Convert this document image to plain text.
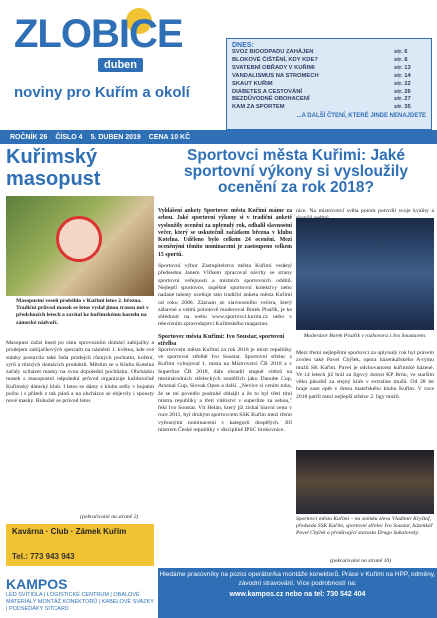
ZLOBICE
duben
noviny pro Kuřím a okolí
DNES:
SVOZ BIOODPADU ZAHÁJEN	str. 6
BLOKOVÉ ČIŠTĚNÍ, KDY KDE?	str. 8
SVATEBNÍ OBŘADY V KUŘIMI	str. 13
VANDALISMUS NA STROMECH	str. 14
SKAUT KUŘIM	str. 22
DIABETES A CESTOVÁNÍ	str. 26
BEZDŮVODNÉ OBOHACENÍ	str. 27
KAM ZA SPORTEM	str. 35
...A DALŠÍ ČTENÍ, KTERÉ JINDE NENAJDETE
ROČNÍK 26 ČÍSLO 4 5. DUBEN 2019 CENA 10 KČ
Kuřimský masopust
Masopustní veselí proběhlo v Kuřimi letos 2. března. Tradiční průvod masek se letos vydal jinou trasou než v předchozích letech a zavítal ke kuřimskému kostelu na zámecké nádvoří.
Masopust začal hned po ránu sprovozním domácí zabijačky a prodejem zabijačkových specialit na náměstí 1. května, kde své stánky postavila také řada prodejců různých pochutin, koření, sýrů a různých domácích produktů. Městim se u Klubu Kotelna začaly sciházet masky na svou dopolední pochůzku. Obcházku masek s masopustní odpolední průvod organizuje každoročně Kuřimský dámský klub. I letos se dámy z klubu sešly v hojném počtu i s přáteli z tak pánů a na obcházce se objevily i spousty nové masky. Bohužel se průvod letos
(pokračování na straně 2)
Kavárna · Club · Zámek Kuřím
Tel.: 773 943 943
Sportovci města Kuřimi: Jaké sportovní výkony si vysloužily ocenění za rok 2018?
Vyhlášení ankety Sportovec města Kuřimi máme za sebou. Jaké sportovní výkony si v tradiční anketě vysloužily ocenění za uplynulý rok, odhalil slavnostní večer, který se uskutečnil začátkem března v klubu Kotelna. Uděleno bylo celkem 24 ocenění. Mezi oceněnými těmito nominacemi je zastoupeno celkem 15 sportů.
Sportovní výbor Zastupitelstva města Kuřimi vedený předsedou Janem Vlčkem zpracoval návrhy se strany sportovní veřejnosti a místních sportovních oddílů. Nejlepší sportovce, úspěšné sportovní kolektivy nebo nadané talenty oceňuje tato tradiční anketa města Kuřimi od roku 2006. Záznam ze slavnostního večera, který zábavné a velmi pohotově moderoval Borek Pisařík, je ke shlédnutí na webu www.sportovci.kurim.cz nebo v televizním zpravodajství Kuřimského magazínu.
Sportovec města Kuřimi: Ivo Soustar, sportovní střelba
Sportovcem města Kuřimi za rok 2018 je mistr republiky ve sportovní střelbě Ivo Soustar. Sportovní střelec z Kuřimi vybojoval 1. místa na Mistrovství ČR 2018 a v Superlize ČR 2018, dále obsadil stupně vítězů na mezinárodních střeleckých soutěžích jako Danube Cup, Arsenal Cup, Slovak Open a další. „Nevíce si cením toho, že se mi povedlo podruhé obhájit a že to byl třetí titul mistra republiky a třetí vítězství v superlize za sebou," řekl Ivo Soustar. Vít Helán, který již získal hlavní cenu v roce 2011, byl druhým sportovcem SSK Kuřim mezi třemi vybranými nominacemi v kategorii dospělých. Jiří mistrem České republiky v disciplíně IPSC brokovnice.
nice. Na mistrovství světa potom potvrdil svoje kvality a
Moderátor Borek Pisařík v rozhovoru s Ivo Soustarem.
Mezi třemi nejlepšími sportovci za uplynulý rok byl právem zvolen také Pavel Chýlek, opora házenkářského A-týmu mužů SK Kuřim. Pavel je odchovancem kuřimské házené. Ve 14 letech již hrál za ligový dorost KP Brno, ve starším věku působil za stejný klub v extralize mužů. Od 28 let hraje zase opět v dresu mateřského klubu Kuřim. V roce 2018 patřil mezi nejlepší střelce 2. ligy mužů.
Sportovci města Kuřimi – na snímku zleva Vladimír Kryštof, předseda SSK Kuřim, sportovní střelec Ivo Soustar, házenkář Pavel Chýlek a předávající starosta Drago Sukalovský.
(pokračování na straně 10)
KAMPOS
LED SVÍTIDLA | LOGISTICKÉ CENTRUM | OBALOVÉ MATERIÁLY MONTÁŽ KONEKTORŮ | KABELOVÉ SVAZKY | PODSEDÁKY SITCARD
Hledáme pracovníky na pozici operátor/ka montáže konektorů. Práce v Kuřimi na HPP, odměny, závodní stravování. Více podrobností na:
www.kampos.cz nebo na tel: 730 542 404
